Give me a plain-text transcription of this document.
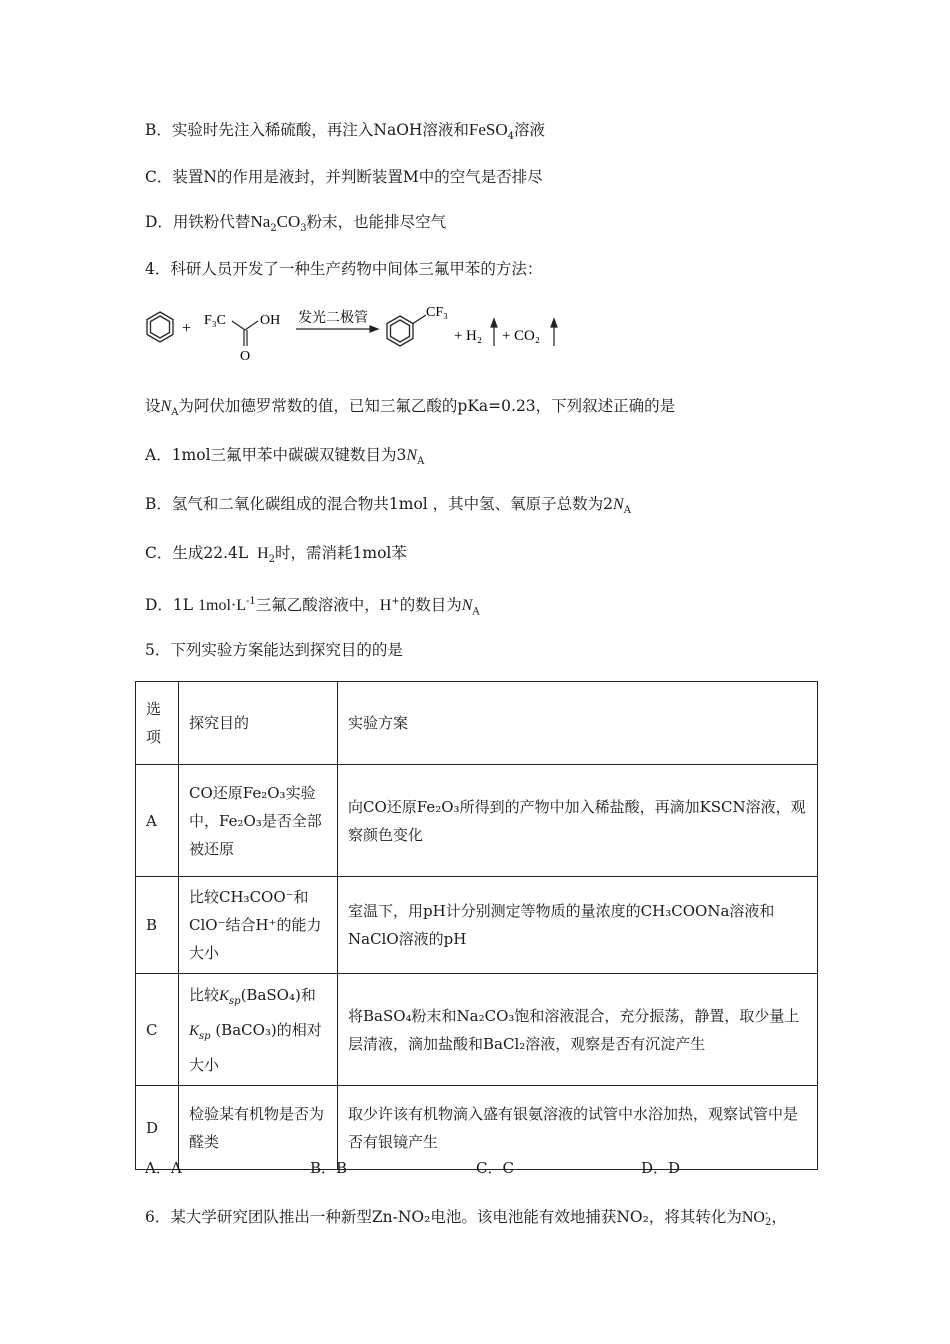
B．实验时先注入稀硫酸，再注入NaOH溶液和FeSO$_4$溶液
C．装置N的作用是液封，并判断装置M中的空气是否排尽
D．用铁粉代替$Na_2CO_3$粉末，也能排尽空气
4．科研人员开发了一种生产药物中间体三氟甲苯的方法：
+ F₃C OH
O
发光二极管	CF₃
+ H₂ + CO₂
设$N_A$为阿伏加德罗常数的值，已知三氟乙酸的pKa=0.23，下列叙述正确的是
A．1mol三氟甲苯中碳碳双键数目为$3N_A$
B．氢气和二氧化碳组成的混合物共1mol ，其中氢、氧原子总数为$2N_A$
C．生成22.4L $H_2$时，需消耗1mol苯
D．1L $1mol\cdot L^{-1}$三氟乙酸溶液中，H+的数目为$N_A$
5．下列实验方案能达到探究目的的是
选项	探究目的	实验方案
A	CO还原Fe₂O₃实验中，Fe₂O₃是否全部被还原	向CO还原Fe₂O₃所得到的产物中加入稀盐酸，再滴加KSCN溶液，观察颜色变化
B	比较CH₃COO⁻和ClO⁻结合H⁺的能力大小	室温下，用pH计分别测定等物质的量浓度的CH₃COONa溶液和NaClO溶液的pH
C	比较$K_{sp}(BaSO_4)$和
$K_{sp}$ (BaCO₃)的相对大小	将BaSO₄粉末和Na₂CO₃饱和溶液混合，充分振荡，静置，取少量上层清液，滴加盐酸和BaCl₂溶液，观察是否有沉淀产生
D	检验某有机物是否为醛类	取少许该有机物滴入盛有银氨溶液的试管中水浴加热，观察试管中是否有银镜产生
A．A	B．B	C．C	D．D
6．某大学研究团队推出一种新型Zn-NO₂电池。该电池能有效地捕获NO₂，将其转化为NO -
2 ，
